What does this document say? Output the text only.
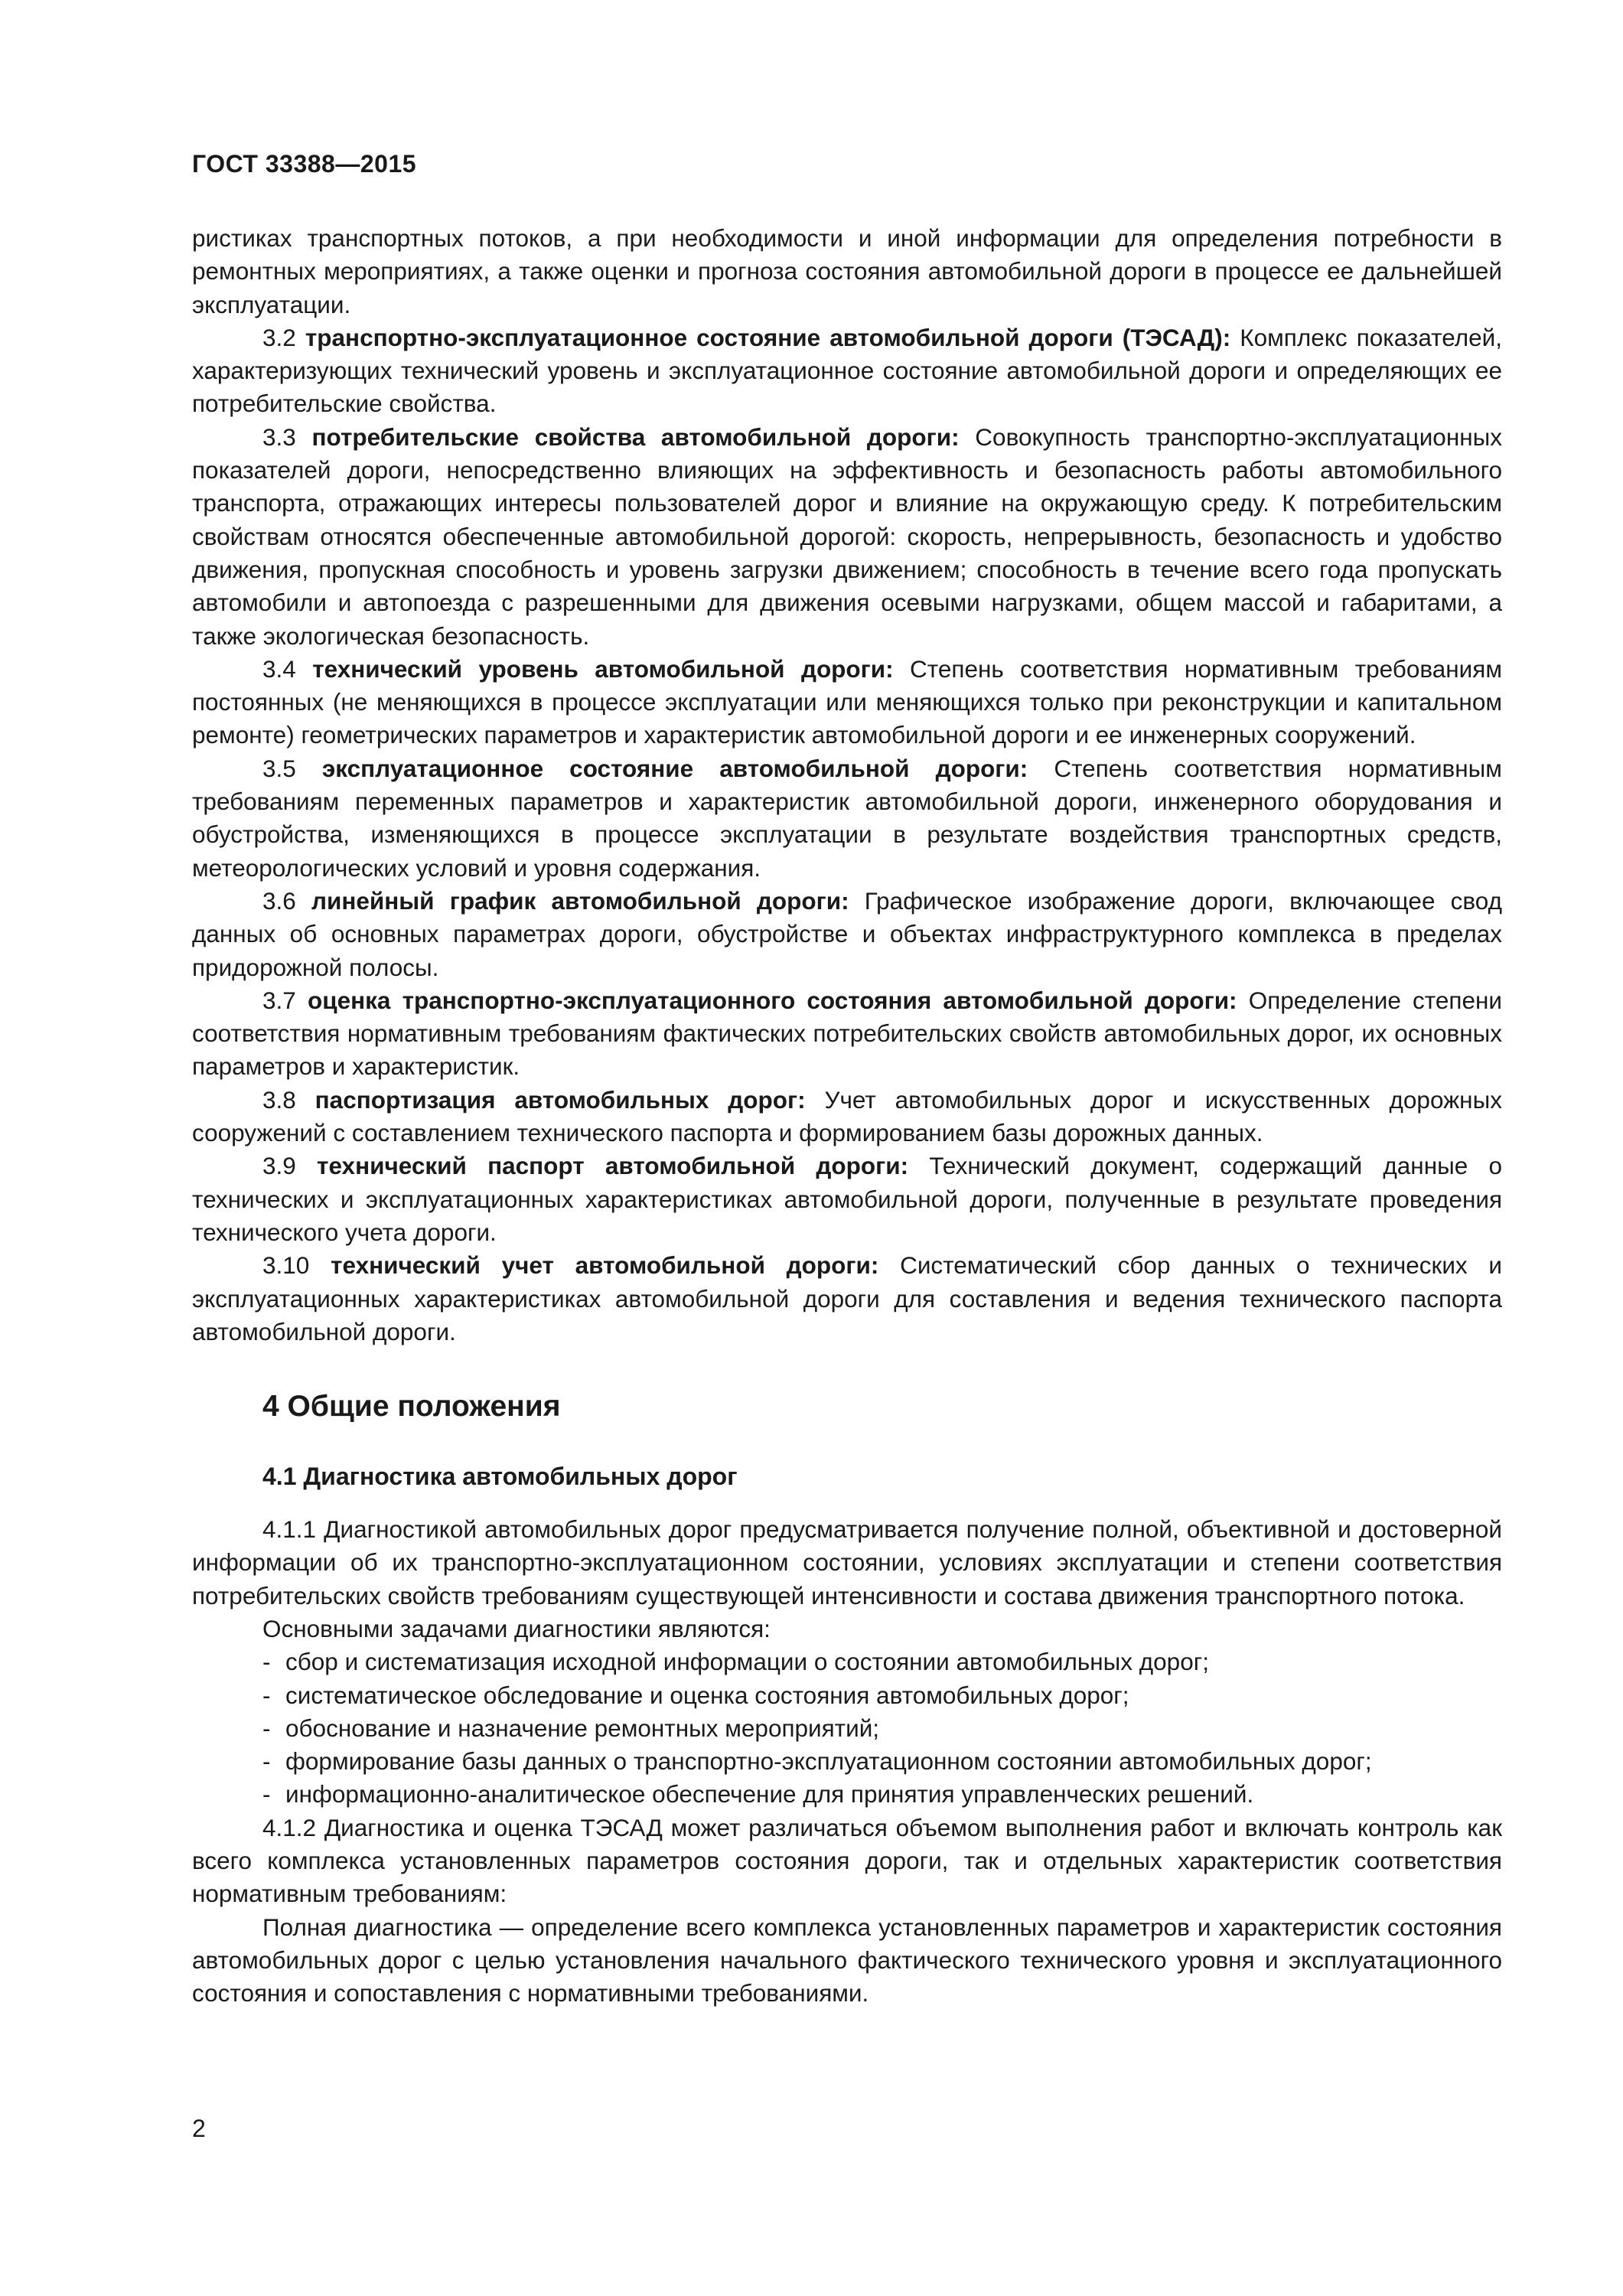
ГОСТ 33388—2015

ристиках транспортных потоков, а при необходимости и иной информации для определения потребности в ремонтных мероприятиях, а также оценки и прогноза состояния автомобильной дороги в процессе ее дальнейшей эксплуатации.

3.2 транспортно-эксплуатационное состояние автомобильной дороги (ТЭСАД): Комплекс показателей, характеризующих технический уровень и эксплуатационное состояние автомобильной дороги и определяющих ее потребительские свойства.

3.3 потребительские свойства автомобильной дороги: Совокупность транспортно-эксплуатационных показателей дороги, непосредственно влияющих на эффективность и безопасность работы автомобильного транспорта, отражающих интересы пользователей дорог и влияние на окружающую среду. К потребительским свойствам относятся обеспеченные автомобильной дорогой: скорость, непрерывность, безопасность и удобство движения, пропускная способность и уровень загрузки движением; способность в течение всего года пропускать автомобили и автопоезда с разрешенными для движения осевыми нагрузками, общем массой и габаритами, а также экологическая безопасность.

3.4 технический уровень автомобильной дороги: Степень соответствия нормативным требованиям постоянных (не меняющихся в процессе эксплуатации или меняющихся только при реконструкции и капитальном ремонте) геометрических параметров и характеристик автомобильной дороги и ее инженерных сооружений.

3.5 эксплуатационное состояние автомобильной дороги: Степень соответствия нормативным требованиям переменных параметров и характеристик автомобильной дороги, инженерного оборудования и обустройства, изменяющихся в процессе эксплуатации в результате воздействия транспортных средств, метеорологических условий и уровня содержания.

3.6 линейный график автомобильной дороги: Графическое изображение дороги, включающее свод данных об основных параметрах дороги, обустройстве и объектах инфраструктурного комплекса в пределах придорожной полосы.

3.7 оценка транспортно-эксплуатационного состояния автомобильной дороги: Определение степени соответствия нормативным требованиям фактических потребительских свойств автомобильных дорог, их основных параметров и характеристик.

3.8 паспортизация автомобильных дорог: Учет автомобильных дорог и искусственных дорожных сооружений с составлением технического паспорта и формированием базы дорожных данных.

3.9 технический паспорт автомобильной дороги: Технический документ, содержащий данные о технических и эксплуатационных характеристиках автомобильной дороги, полученные в результате проведения технического учета дороги.

3.10 технический учет автомобильной дороги: Систематический сбор данных о технических и эксплуатационных характеристиках автомобильной дороги для составления и ведения технического паспорта автомобильной дороги.

4 Общие положения

4.1 Диагностика автомобильных дорог

4.1.1 Диагностикой автомобильных дорог предусматривается получение полной, объективной и достоверной информации об их транспортно-эксплуатационном состоянии, условиях эксплуатации и степени соответствия потребительских свойств требованиям существующей интенсивности и состава движения транспортного потока.

Основными задачами диагностики являются:

- сбор и систематизация исходной информации о состоянии автомобильных дорог;
- систематическое обследование и оценка состояния автомобильных дорог;
- обоснование и назначение ремонтных мероприятий;
- формирование базы данных о транспортно-эксплуатационном состоянии автомобильных дорог;
- информационно-аналитическое обеспечение для принятия управленческих решений.

4.1.2 Диагностика и оценка ТЭСАД может различаться объемом выполнения работ и включать контроль как всего комплекса установленных параметров состояния дороги, так и отдельных характеристик соответствия нормативным требованиям:

Полная диагностика — определение всего комплекса установленных параметров и характеристик состояния автомобильных дорог с целью установления начального фактического технического уровня и эксплуатационного состояния и сопоставления с нормативными требованиями.

2
